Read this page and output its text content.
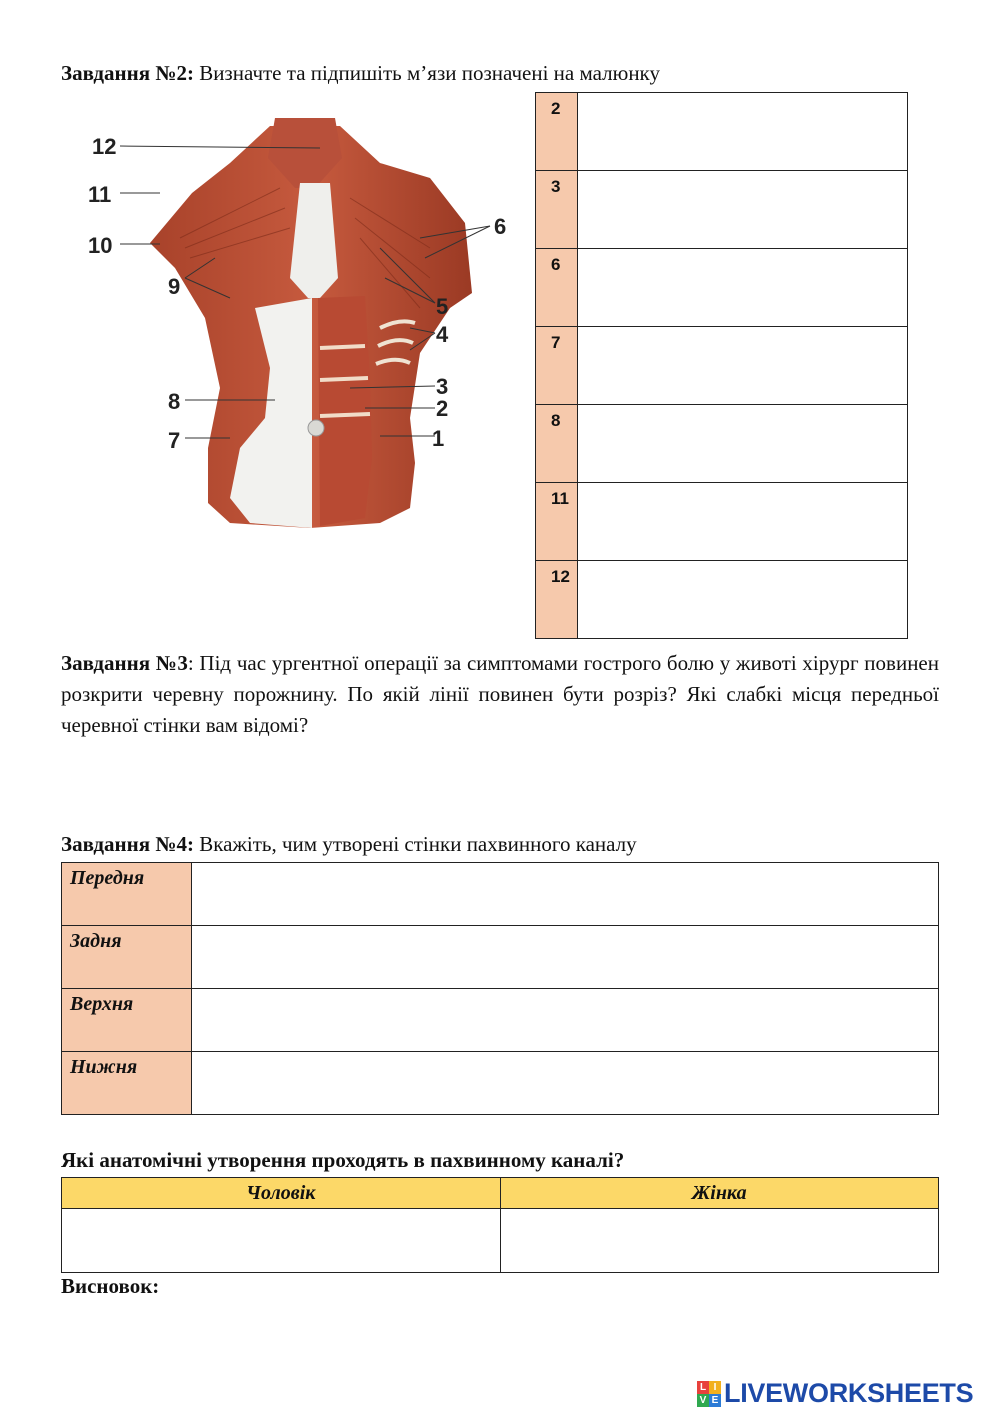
Завдання №2: Визначте та підпишіть м’язи позначені на малюнку
12
11
10
9
8
7
6
5
4
3
2
1
2	
3	
6	
7	
8	
11	
12	
Завдання №3: Під час ургентної операції за симптомами гострого болю у животі хірург повинен розкрити черевну порожнину. По якій лінії повинен бути розріз? Які слабкі місця передньої черевної стінки вам відомі?
Завдання №4: Вкажіть, чим утворені стінки пахвинного каналу
Передня	
Задня	
Верхня	
Нижня	
Які анатомічні утворення проходять в пахвинному каналі?
Чоловік	Жінка

Висновок:
L I
V E LIVEWORKSHEETS
